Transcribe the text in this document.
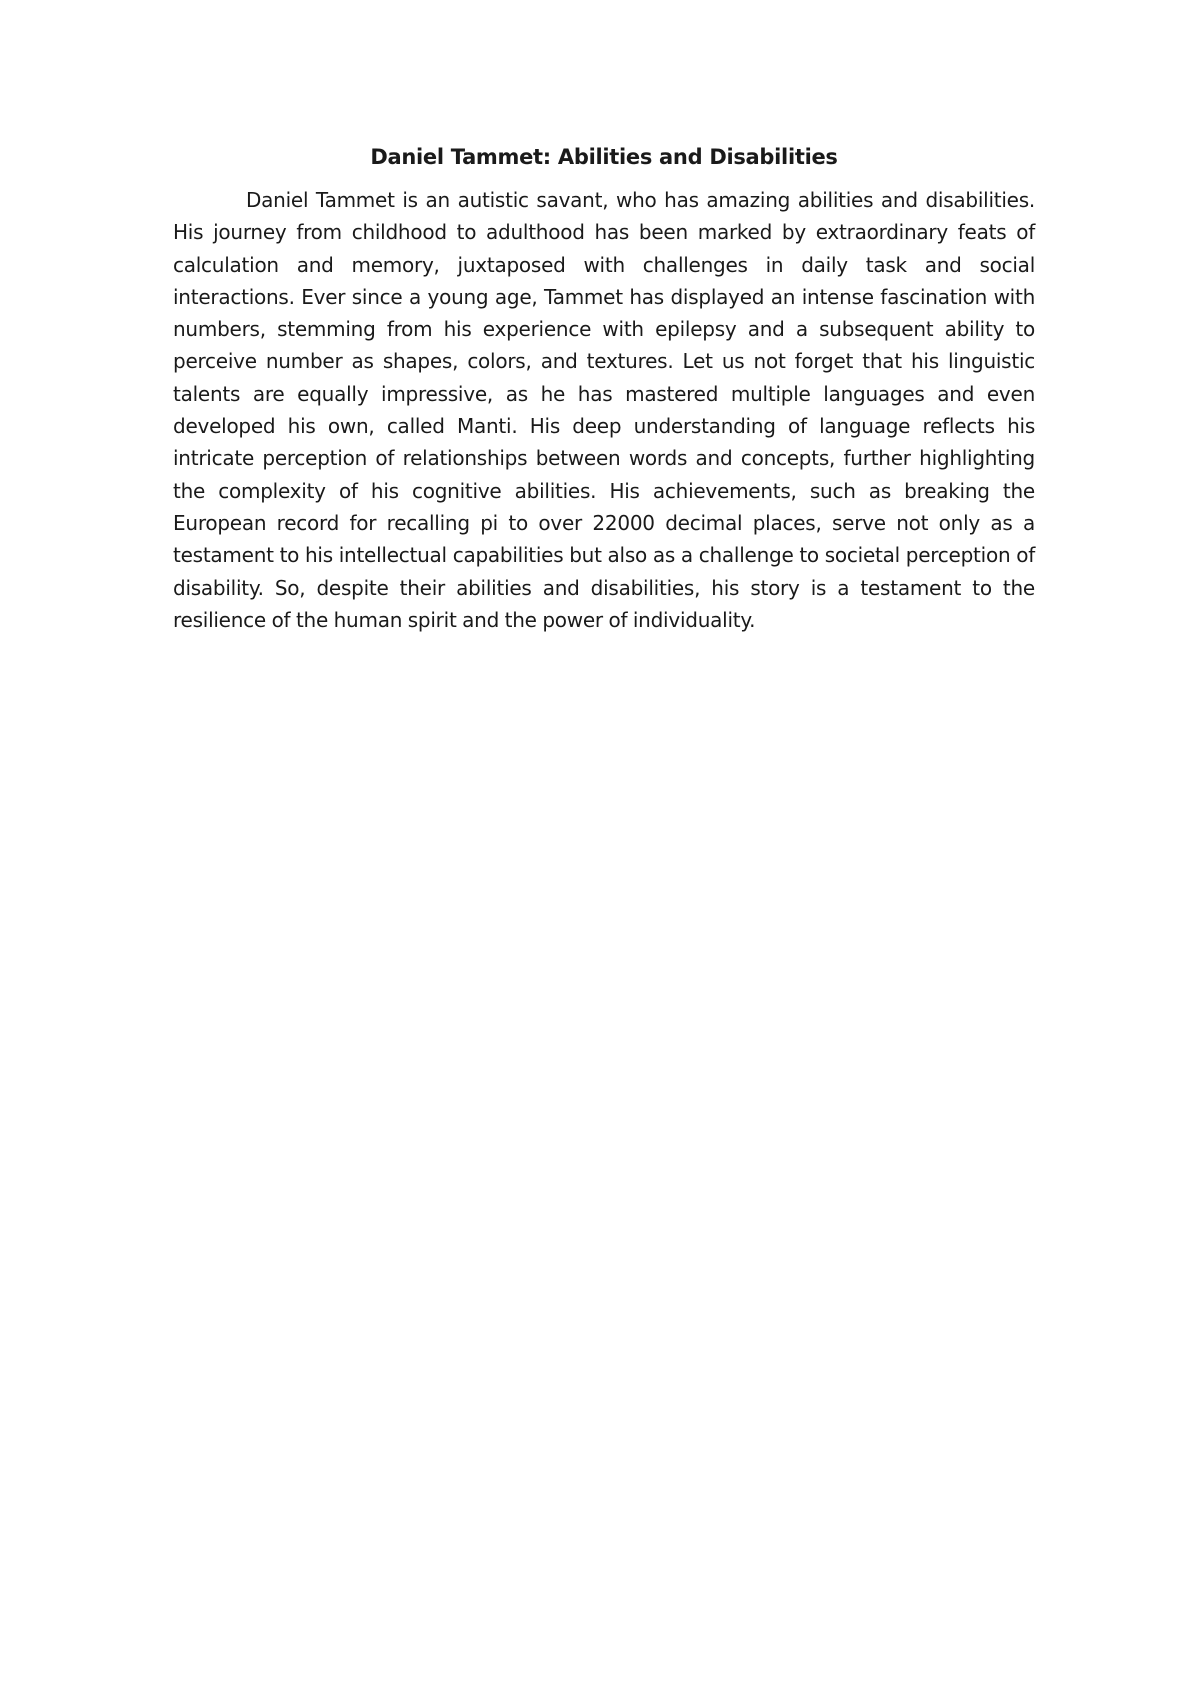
Daniel Tammet: Abilities and Disabilities

Daniel Tammet is an autistic savant, who has amazing abilities and disabilities. His journey from childhood to adulthood has been marked by extraordinary feats of calculation and memory, juxtaposed with challenges in daily task and social interactions. Ever since a young age, Tammet has displayed an intense fascination with numbers, stemming from his experience with epilepsy and a subsequent ability to perceive number as shapes, colors, and textures. Let us not forget that his linguistic talents are equally impressive, as he has mastered multiple languages and even developed his own, called Manti. His deep understanding of language reflects his intricate perception of relationships between words and concepts, further highlighting the complexity of his cognitive abilities. His achievements, such as breaking the European record for recalling pi to over 22000 decimal places, serve not only as a testament to his intellectual capabilities but also as a challenge to societal perception of disability. So, despite their abilities and disabilities, his story is a testament to the resilience of the human spirit and the power of individuality.
